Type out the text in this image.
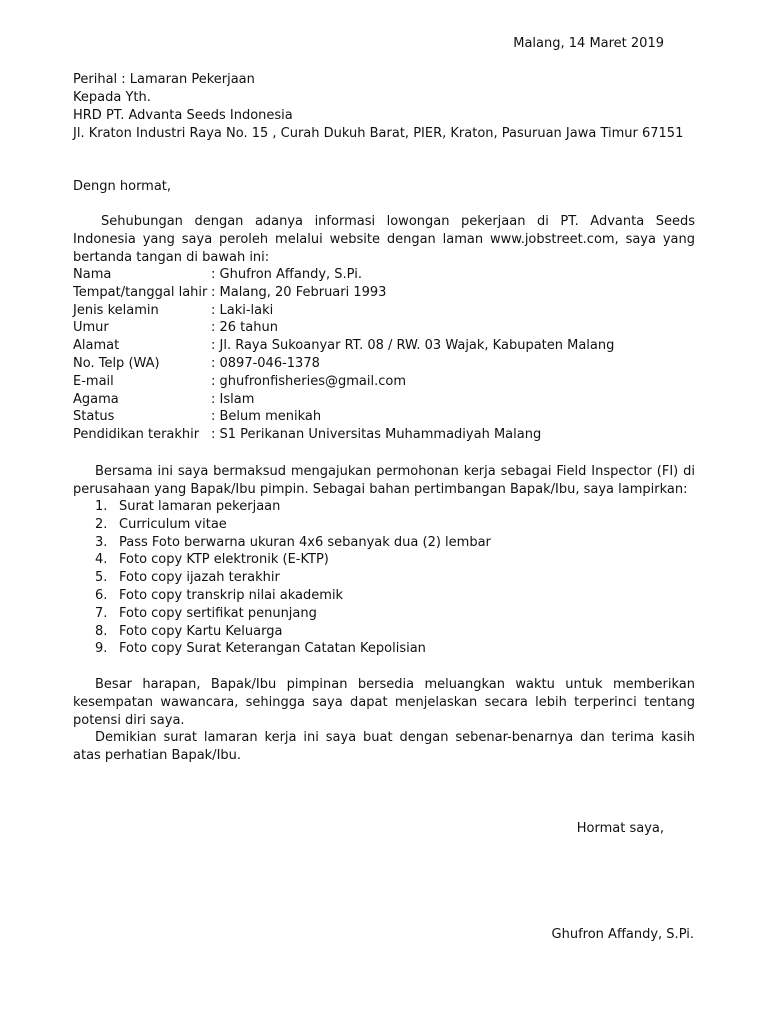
Malang, 14 Maret 2019
Perihal : Lamaran Pekerjaan
Kepada Yth.
HRD PT. Advanta Seeds Indonesia
Jl. Kraton Industri Raya No. 15 , Curah Dukuh Barat, PIER, Kraton, Pasuruan Jawa Timur 67151
Dengn hormat,
Sehubungan dengan adanya informasi lowongan pekerjaan di PT. Advanta Seeds Indonesia yang saya peroleh melalui website dengan laman www.jobstreet.com, saya yang bertanda tangan di bawah ini:
Nama	: Ghufron Affandy, S.Pi.
Tempat/tanggal lahir : Malang, 20 Februari 1993
Jenis kelamin	: Laki-laki
Umur	: 26 tahun
Alamat	: Jl. Raya Sukoanyar RT. 08 / RW. 03 Wajak, Kabupaten Malang
No. Telp (WA)	: 0897-046-1378
E-mail	: ghufronfisheries@gmail.com
Agama	: Islam
Status	: Belum menikah
Pendidikan terakhir : S1 Perikanan Universitas Muhammadiyah Malang
Bersama ini saya bermaksud mengajukan permohonan kerja sebagai Field Inspector (FI) di perusahaan yang Bapak/Ibu pimpin. Sebagai bahan pertimbangan Bapak/Ibu, saya lampirkan:
1. Surat lamaran pekerjaan
2. Curriculum vitae
3. Pass Foto berwarna ukuran 4x6 sebanyak dua (2) lembar
4. Foto copy KTP elektronik (E-KTP)
5. Foto copy ijazah terakhir
6. Foto copy transkrip nilai akademik
7. Foto copy sertifikat penunjang
8. Foto copy Kartu Keluarga
9. Foto copy Surat Keterangan Catatan Kepolisian
Besar harapan, Bapak/Ibu pimpinan bersedia meluangkan waktu untuk memberikan kesempatan wawancara, sehingga saya dapat menjelaskan secara lebih terperinci tentang potensi diri saya.
Demikian surat lamaran kerja ini saya buat dengan sebenar-benarnya dan terima kasih atas perhatian Bapak/Ibu.
Hormat saya,
Ghufron Affandy, S.Pi.
